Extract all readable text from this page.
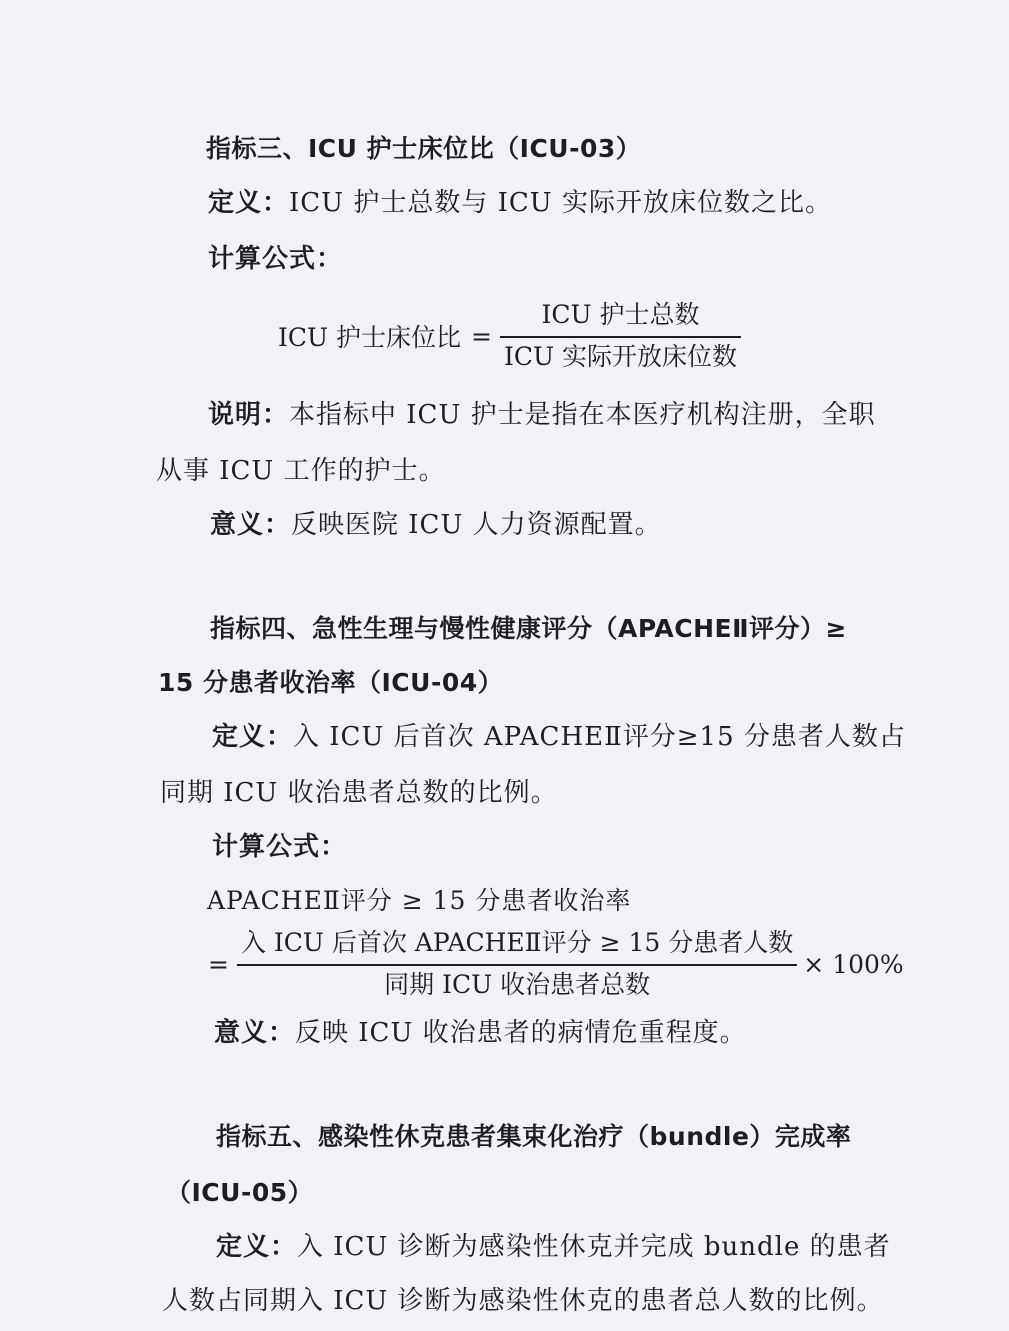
指标三、ICU 护士床位比（ICU-03）

定义：ICU 护士总数与 ICU 实际开放床位数之比。

计算公式：

ICU 护士床位比 = $\frac{\text{ICU 护士总数}}{\text{ICU 实际开放床位数}}$

说明：本指标中 ICU 护士是指在本医疗机构注册，全职

从事 ICU 工作的护士。

意义：反映医院 ICU 人力资源配置。

指标四、急性生理与慢性健康评分（APACHEⅡ评分）≥

15 分患者收治率（ICU-04）

定义：入 ICU 后首次 APACHEⅡ评分≥15 分患者人数占

同期 ICU 收治患者总数的比例。

计算公式：

APACHEⅡ评分 ≥ 15 分患者收治率

= $\frac{\text{入 ICU 后首次 APACHEⅡ评分 ≥ 15 分患者人数}}{\text{同期 ICU 收治患者总数}} \times 100\%$

意义：反映 ICU 收治患者的病情危重程度。

指标五、感染性休克患者集束化治疗（bundle）完成率

（ICU-05）

定义：入 ICU 诊断为感染性休克并完成 bundle 的患者

人数占同期入 ICU 诊断为感染性休克的患者总人数的比例。
